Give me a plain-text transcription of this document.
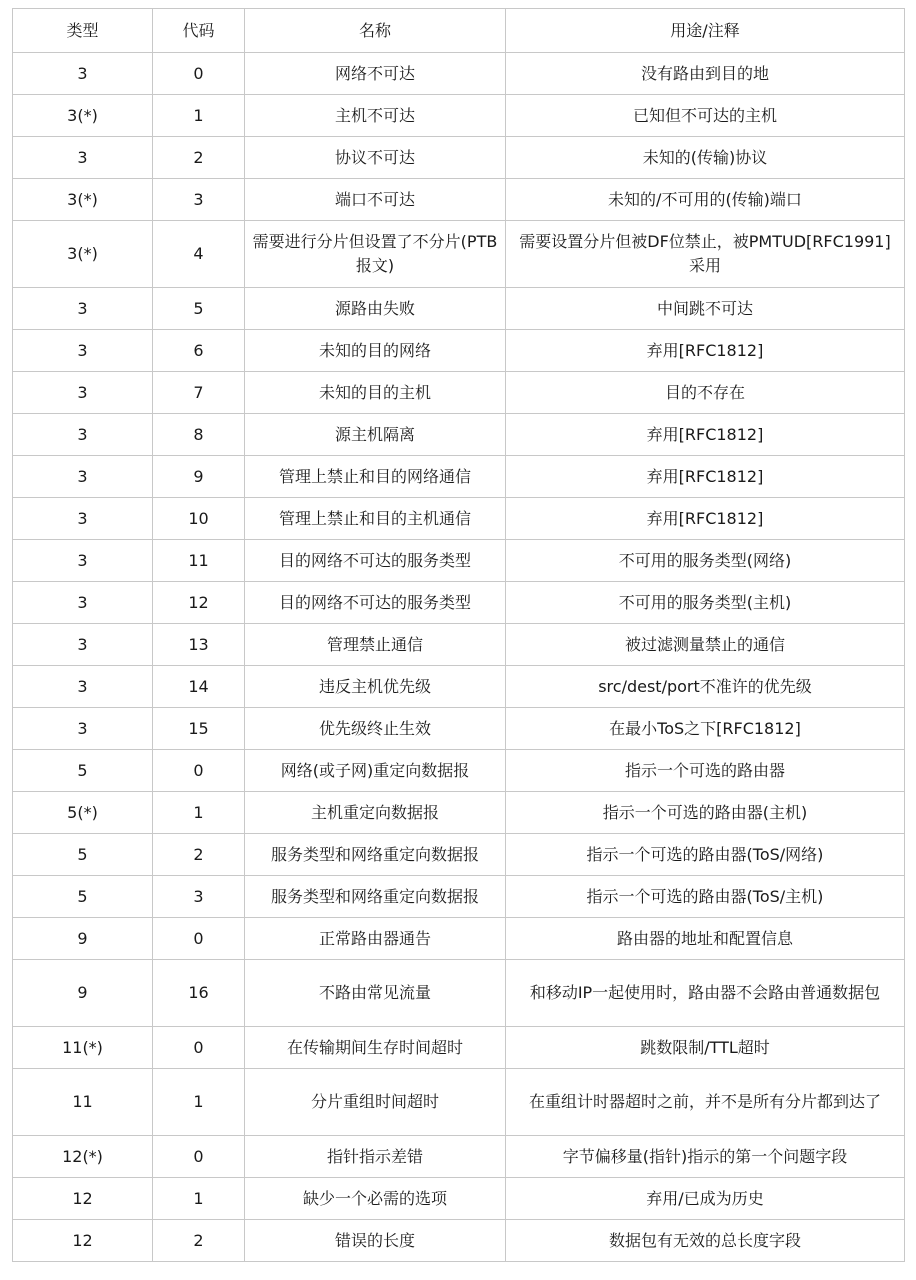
类型	代码	名称	用途/注释
3	0	网络不可达	没有路由到目的地
3(*)	1	主机不可达	已知但不可达的主机
3	2	协议不可达	未知的(传输)协议
3(*)	3	端口不可达	未知的/不可用的(传输)端口
3(*)	4	需要进行分片但设置了不分片(PTB报文)	需要设置分片但被DF位禁止，被PMTUD[RFC1991]采用
3	5	源路由失败	中间跳不可达
3	6	未知的目的网络	弃用[RFC1812]
3	7	未知的目的主机	目的不存在
3	8	源主机隔离	弃用[RFC1812]
3	9	管理上禁止和目的网络通信	弃用[RFC1812]
3	10	管理上禁止和目的主机通信	弃用[RFC1812]
3	11	目的网络不可达的服务类型	不可用的服务类型(网络)
3	12	目的网络不可达的服务类型	不可用的服务类型(主机)
3	13	管理禁止通信	被过滤测量禁止的通信
3	14	违反主机优先级	src/dest/port不准许的优先级
3	15	优先级终止生效	在最小ToS之下[RFC1812]
5	0	网络(或子网)重定向数据报	指示一个可选的路由器
5(*)	1	主机重定向数据报	指示一个可选的路由器(主机)
5	2	服务类型和网络重定向数据报	指示一个可选的路由器(ToS/网络)
5	3	服务类型和网络重定向数据报	指示一个可选的路由器(ToS/主机)
9	0	正常路由器通告	路由器的地址和配置信息
9	16	不路由常见流量	和移动IP一起使用时，路由器不会路由普通数据包
11(*)	0	在传输期间生存时间超时	跳数限制/TTL超时
11	1	分片重组时间超时	在重组计时器超时之前，并不是所有分片都到达了
12(*)	0	指针指示差错	字节偏移量(指针)指示的第一个问题字段
12	1	缺少一个必需的选项	弃用/已成为历史
12	2	错误的长度	数据包有无效的总长度字段
